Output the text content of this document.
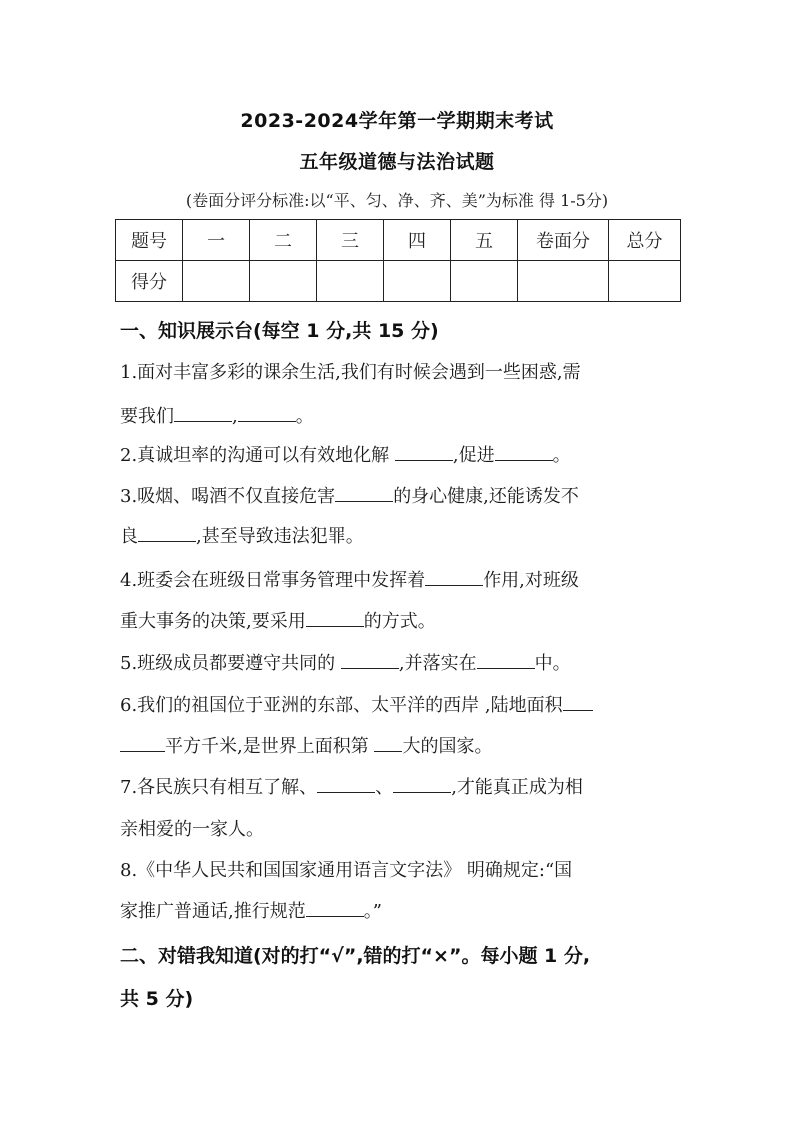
2023-2024学年第一学期期末考试
五年级道德与法治试题
(卷面分评分标准:以“平、匀、净、齐、美”为标准 得 1-5分)
题号	一	二	三	四	五	卷面分	总分
得分							
一、知识展示台(每空 1 分,共 15 分)
1.面对丰富多彩的课余生活,我们有时候会遇到一些困惑,需
要我们	,	。
2.真诚坦率的沟通可以有效地化解	,促进	。
3.吸烟、喝酒不仅直接危害	的身心健康,还能诱发不
良	,甚至导致违法犯罪。
4.班委会在班级日常事务管理中发挥着	作用,对班级
重大事务的决策,要采用	的方式。
5.班级成员都要遵守共同的	,并落实在	中。
6.我们的祖国位于亚洲的东部、太平洋的西岸 ,陆地面积
平方千米,是世界上面积第 大的国家。
7.各民族只有相互了解、	、	,才能真正成为相
亲相爱的一家人。
8.《中华人民共和国国家通用语言文字法》 明确规定:“国
家推广普通话,推行规范	。”
二、对错我知道(对的打“√”,错的打“×”。每小题 1 分,
共 5 分)
